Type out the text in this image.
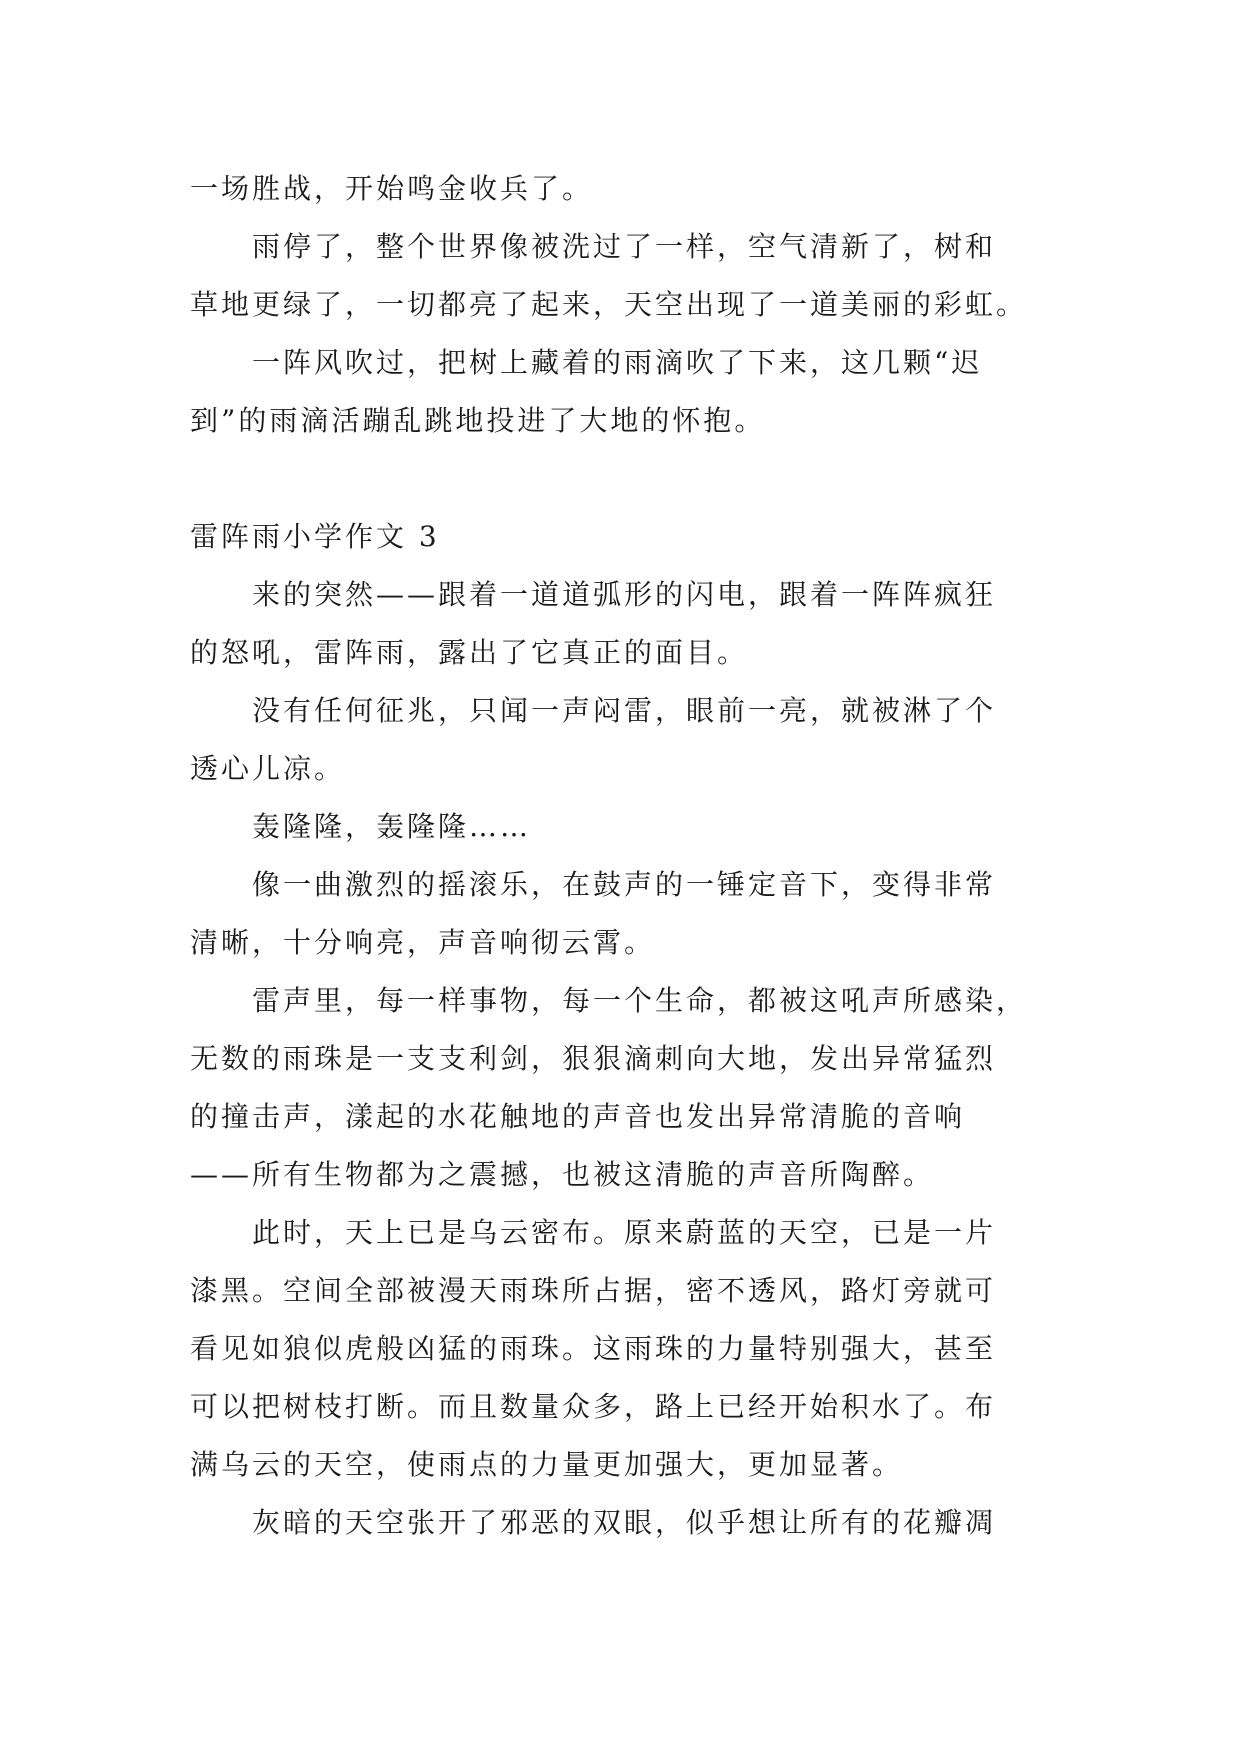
一场胜战，开始鸣金收兵了。
雨停了，整个世界像被洗过了一样，空气清新了，树和
草地更绿了，一切都亮了起来，天空出现了一道美丽的彩虹。
一阵风吹过，把树上藏着的雨滴吹了下来，这几颗“迟
到”的雨滴活蹦乱跳地投进了大地的怀抱。
雷阵雨小学作文 3
来的突然——跟着一道道弧形的闪电，跟着一阵阵疯狂
的怒吼，雷阵雨，露出了它真正的面目。
没有任何征兆，只闻一声闷雷，眼前一亮，就被淋了个
透心儿凉。
轰隆隆，轰隆隆……
像一曲激烈的摇滚乐，在鼓声的一锤定音下，变得非常
清晰，十分响亮，声音响彻云霄。
雷声里，每一样事物，每一个生命，都被这吼声所感染，
无数的雨珠是一支支利剑，狠狠滴刺向大地，发出异常猛烈
的撞击声，漾起的水花触地的声音也发出异常清脆的音响
——所有生物都为之震撼，也被这清脆的声音所陶醉。
此时，天上已是乌云密布。原来蔚蓝的天空，已是一片
漆黑。空间全部被漫天雨珠所占据，密不透风，路灯旁就可
看见如狼似虎般凶猛的雨珠。这雨珠的力量特别强大，甚至
可以把树枝打断。而且数量众多，路上已经开始积水了。布
满乌云的天空，使雨点的力量更加强大，更加显著。
灰暗的天空张开了邪恶的双眼，似乎想让所有的花瓣凋
